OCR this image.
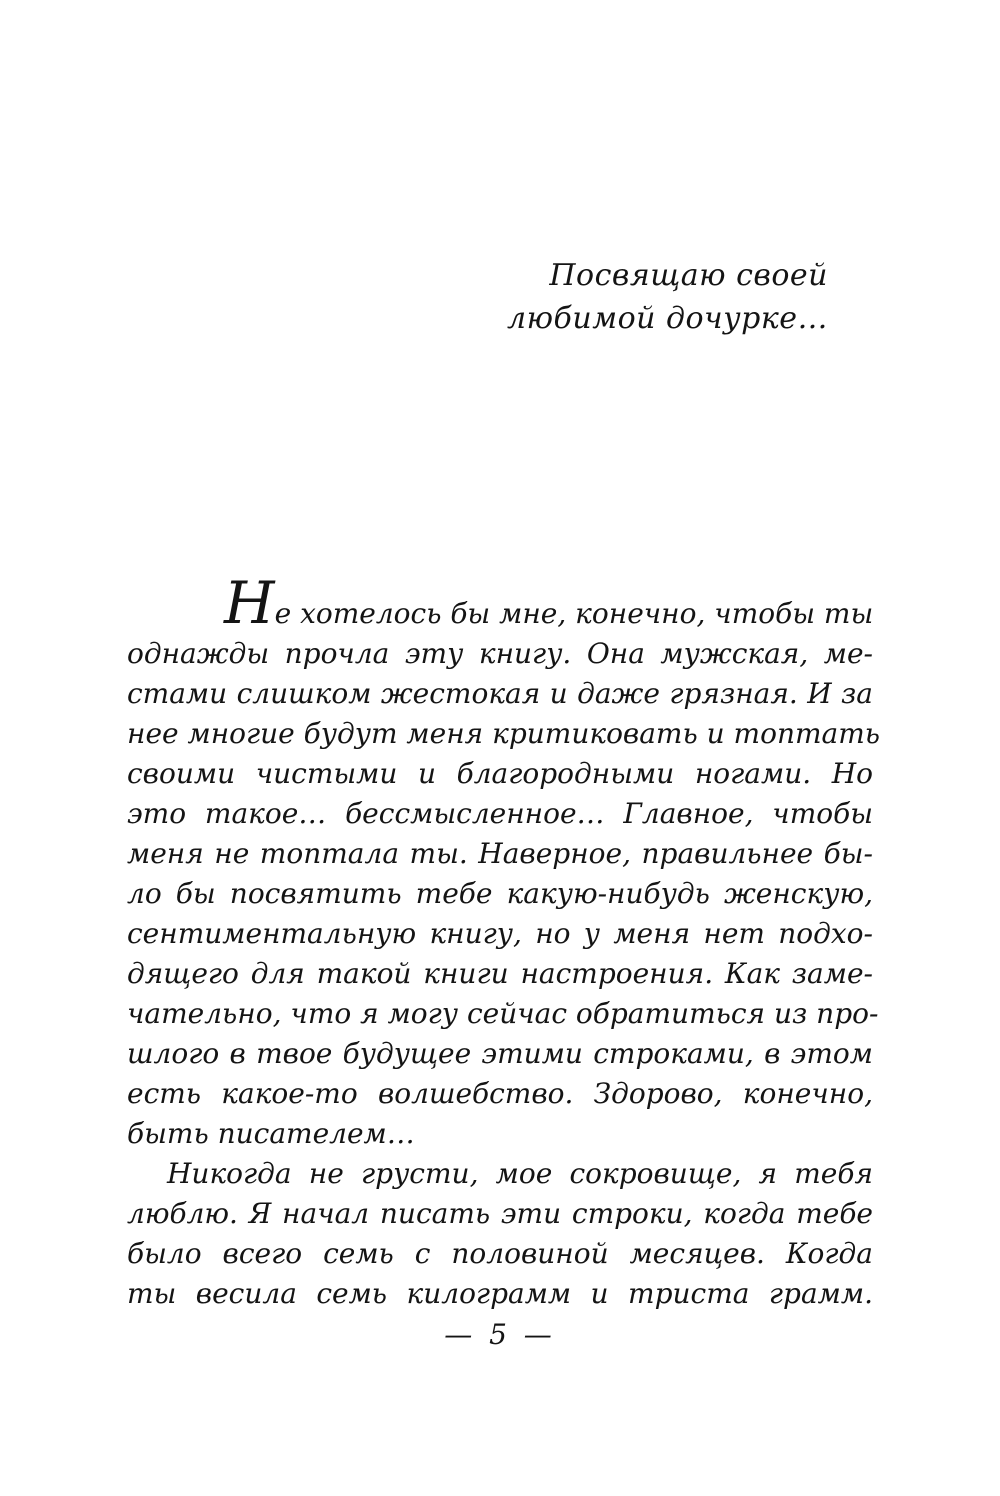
Посвящаю своей
любимой дочурке…
Не хотелось бы мне, конечно, чтобы ты
однажды прочла эту книгу. Она мужская, ме-
стами слишком жестокая и даже грязная. И за
нее многие будут меня критиковать и топтать
своими чистыми и благородными ногами. Но
это такое… бессмысленное… Главное, чтобы
меня не топтала ты. Наверное, правильнее бы-
ло бы посвятить тебе какую-нибудь женскую,
сентиментальную книгу, но у меня нет подхо-
дящего для такой книги настроения. Как заме-
чательно, что я могу сейчас обратиться из про-
шлого в твое будущее этими строками, в этом
есть какое-то волшебство. Здорово, конечно,
быть писателем…
Никогда не грусти, мое сокровище, я тебя
люблю. Я начал писать эти строки, когда тебе
было всего семь с половиной месяцев. Когда
ты весила семь килограмм и триста грамм.
— 5 —
